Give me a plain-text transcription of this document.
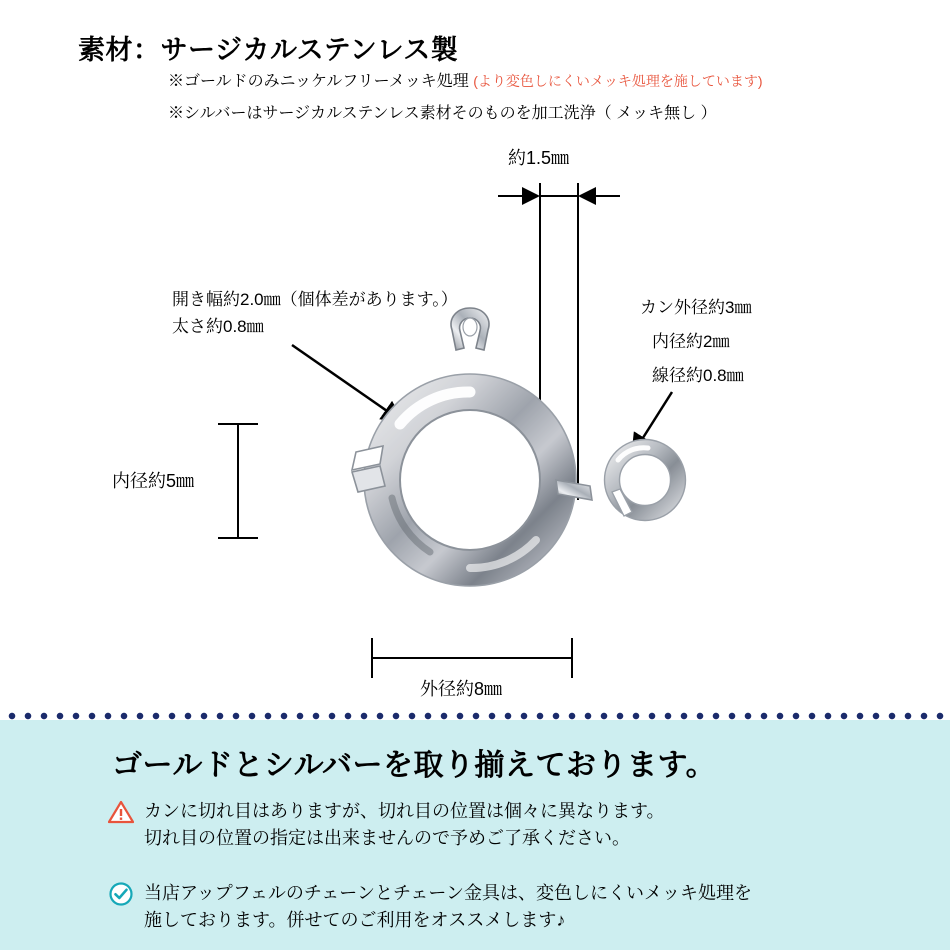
素材：サージカルステンレス製
※ゴールドのみニッケルフリーメッキ処理 (より変色しにくいメッキ処理を施しています)
※シルバーはサージカルステンレス素材そのものを加工洗浄（ メッキ無し ）
約1.5㎜
開き幅約2.0㎜（個体差があります。）
太さ約0.8㎜
カン外径約3㎜
内径約2㎜
線径約0.8㎜
内径約5㎜
外径約8㎜
ゴールドとシルバーを取り揃えております。
カンに切れ目はありますが、切れ目の位置は個々に異なります。
切れ目の位置の指定は出来ませんので予めご了承ください。
当店アップフェルのチェーンとチェーン金具は、変色しにくいメッキ処理を
施しております。併せてのご利用をオススメします♪
